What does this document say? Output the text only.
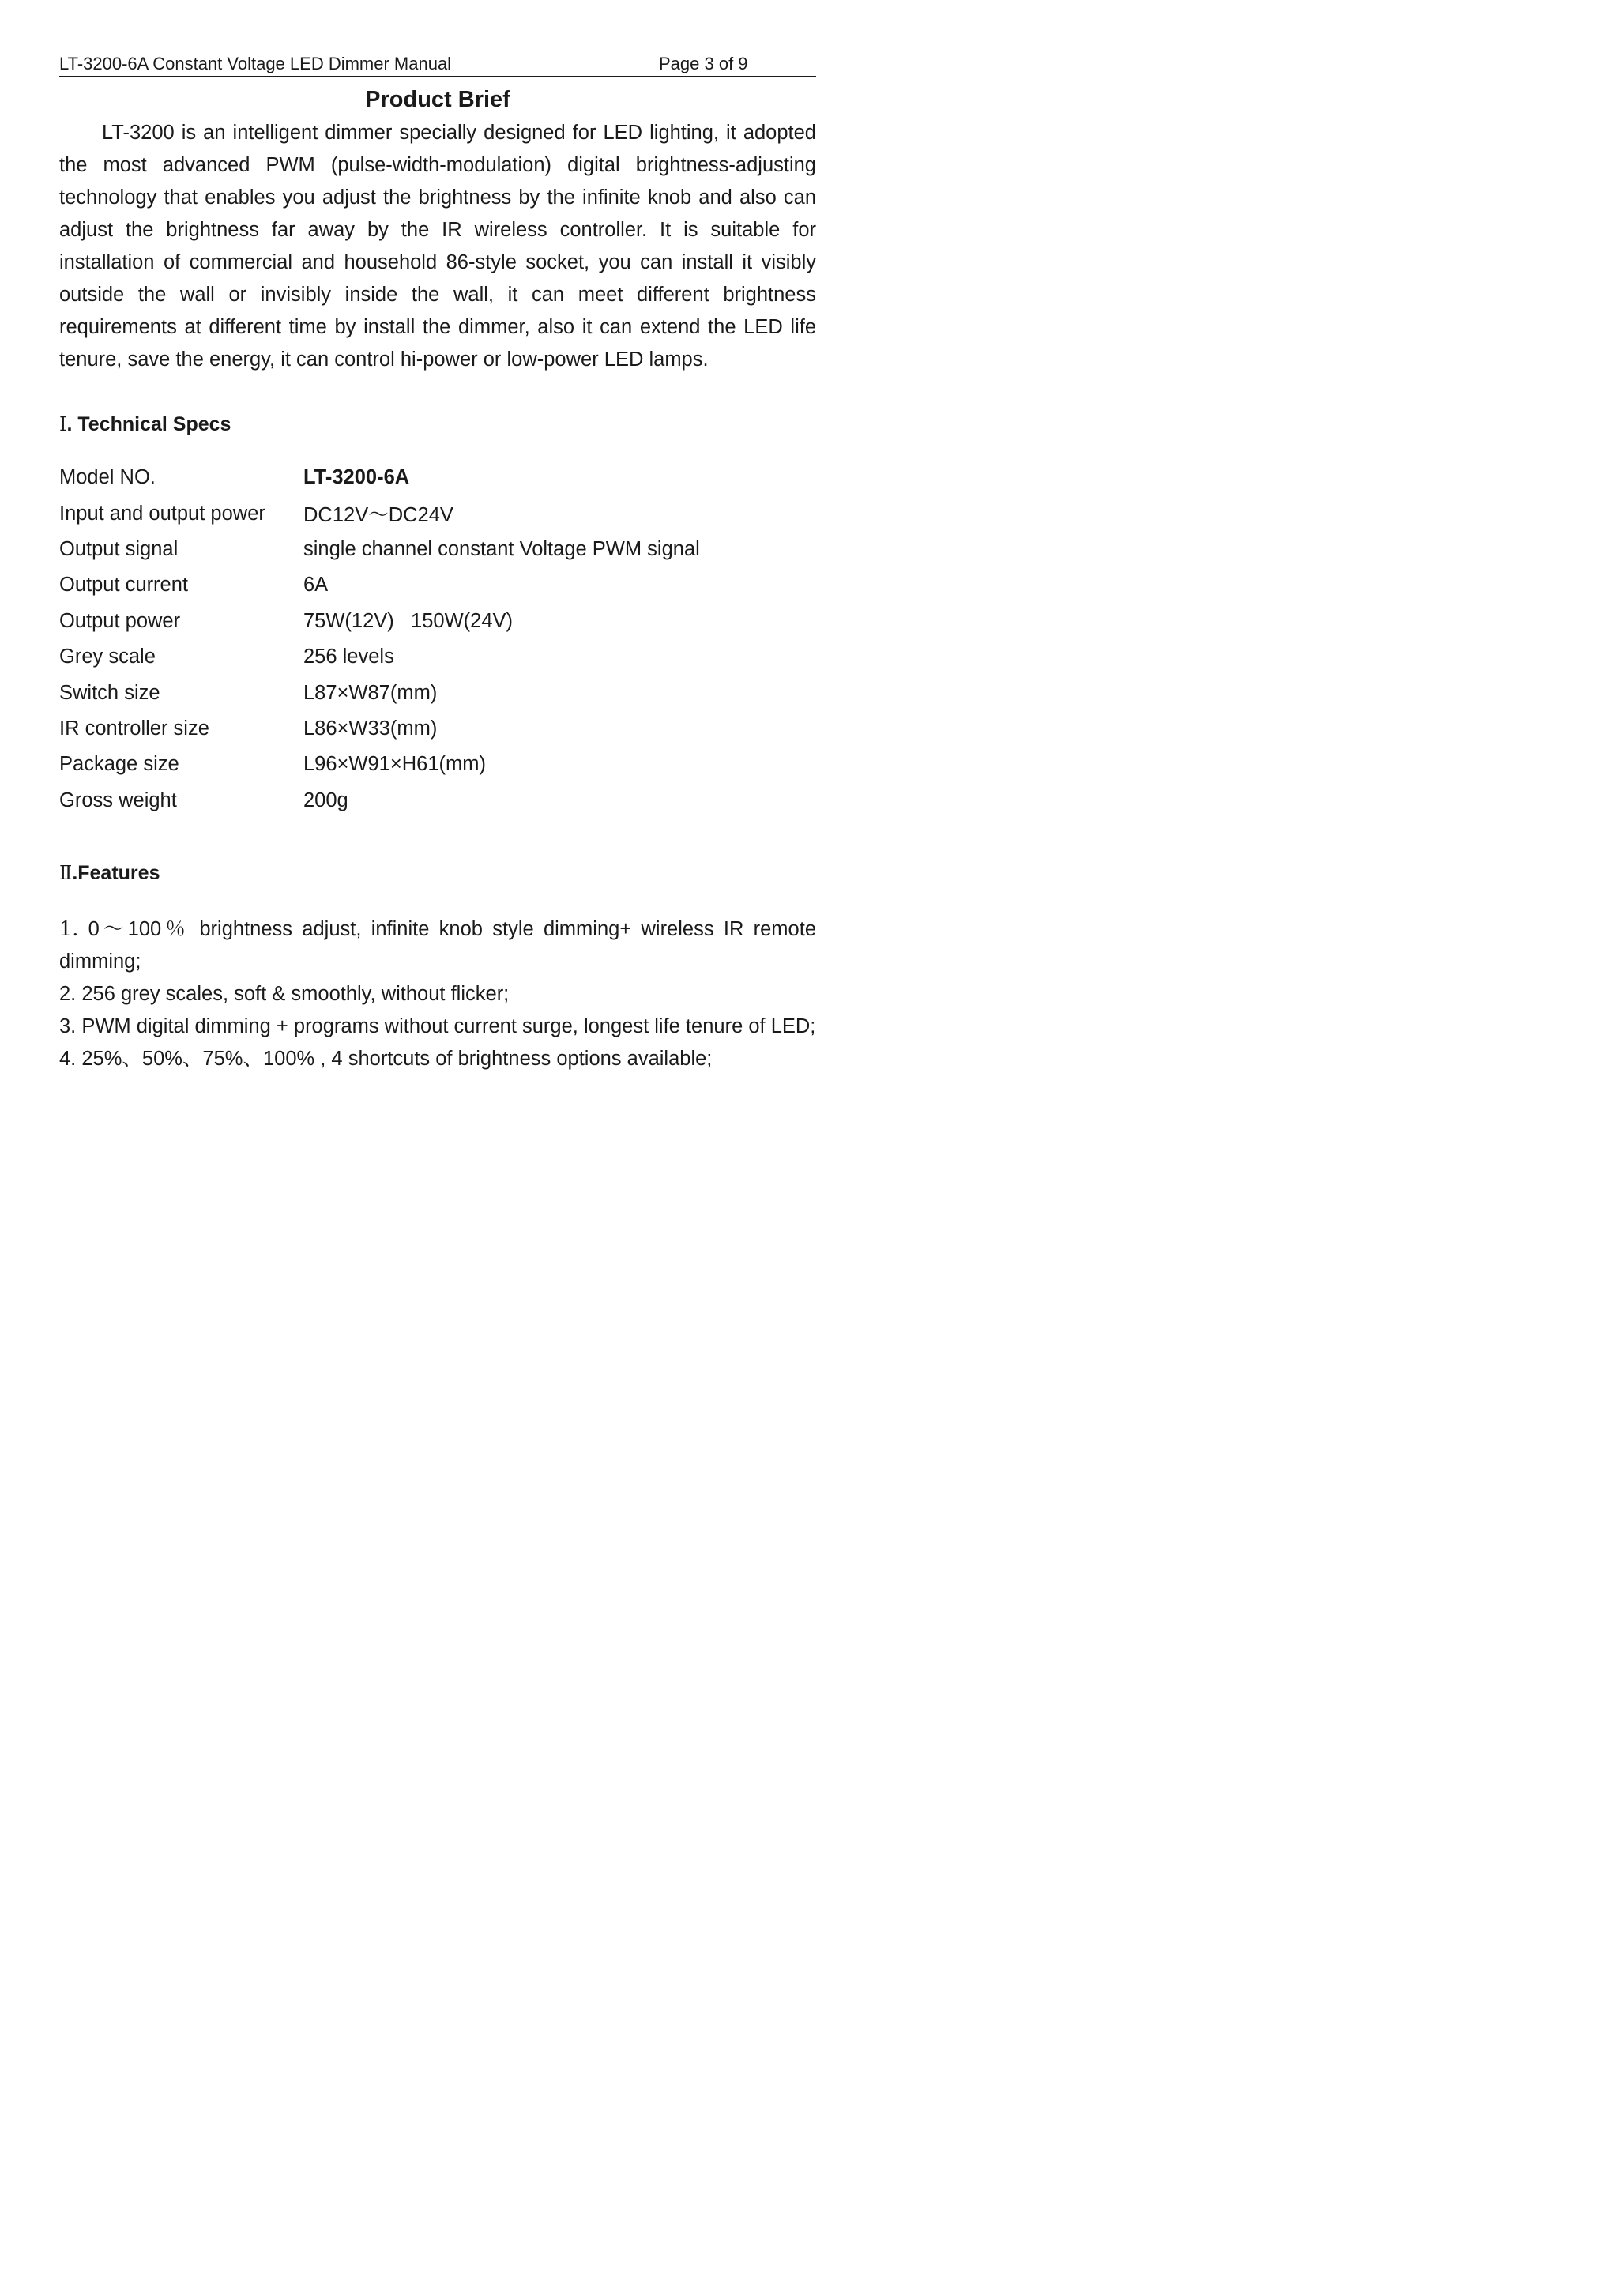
LT-3200-6A Constant Voltage LED Dimmer Manual	Page 3 of 9
Product Brief

LT-3200 is an intelligent dimmer specially designed for LED lighting, it adopted the most advanced PWM (pulse-width-modulation) digital brightness-adjusting technology that enables you adjust the brightness by the infinite knob and also can adjust the brightness far away by the IR wireless controller. It is suitable for installation of commercial and household 86-style socket, you can install it visibly outside the wall or invisibly inside the wall, it can meet different brightness requirements at different time by install the dimmer, also it can extend the LED life tenure, save the energy, it can control hi-power or low-power LED lamps.

Ⅰ. Technical Specs
Model NO.	LT-3200-6A
Input and output power	DC12V～DC24V
Output signal	single channel constant Voltage PWM signal
Output current	6A
Output power	75W(12V)   150W(24V)
Grey scale	256 levels
Switch size	L87×W87(mm)
IR controller size	L86×W33(mm)
Package size	L96×W91×H61(mm)
Gross weight	200g
Ⅱ.Features

1. 0～100％ brightness adjust, infinite knob style dimming+ wireless IR remote dimming;

2. 256 grey scales, soft & smoothly, without flicker;

3. PWM digital dimming + programs without current surge, longest life tenure of LED;

4. 25%、50%、75%、100% , 4 shortcuts of brightness options available;
